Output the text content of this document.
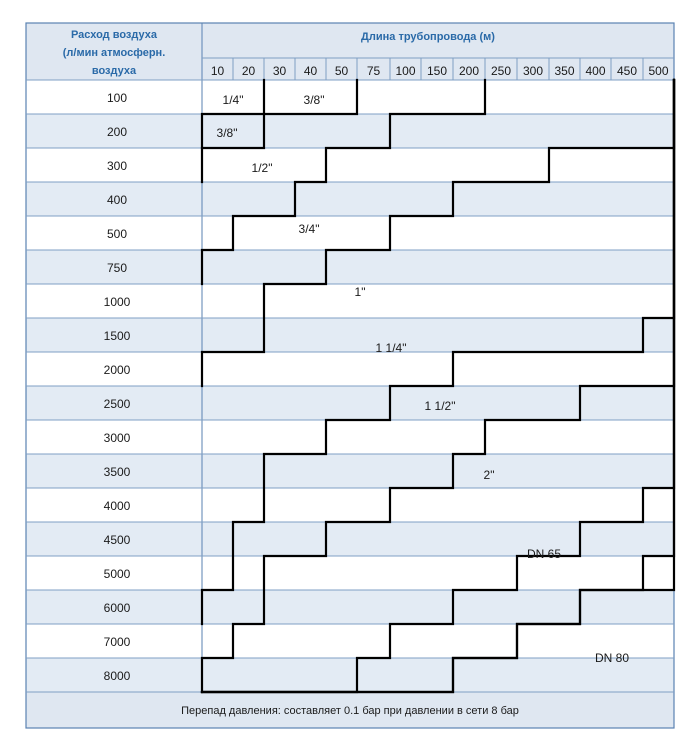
Расход воздуха
(л/мин атмосферн.
воздуха
Длина трубопровода (м)
10 20 30 40 50 75 100 150 200 250 300 350 400 450 500
100
200
300
400
500
750
1000
1500
2000
2500
3000
3500
4000
4500
5000
6000
7000
8000
1/4"	3/8"
3/8"
1/2"
3/4"
1"
1 1/4"
1 1/2"
2"
DN 65
DN 80
Перепад давления: составляет 0.1 бар при давлении в сети 8 бар
